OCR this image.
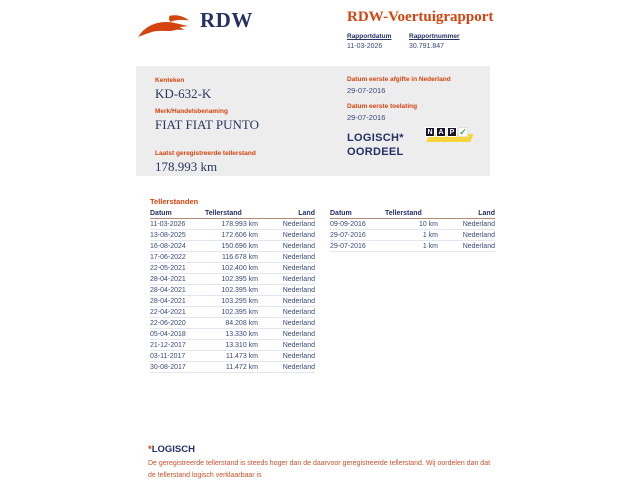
RDW	RDW-Voertuigrapport
Rapportdatum
11-03-2026
Rapportnummer
30.791.847
Kenteken
KD-632-K
Merk/Handelsbenaming
FIAT FIAT PUNTO
Laatst geregistreerde tellerstand
178.993 km
Datum eerste afgifte in Nederland
29-07-2016
Datum eerste toelating
29-07-2016
LOGISCH*
OORDEEL
N A P ✓
Tellerstanden
Datum	Tellerstand	Land
11-03-2026	178.993 km	Nederland
13-08-2025	172.606 km	Nederland
16-08-2024	150.696 km	Nederland
17-06-2022	116.678 km	Nederland
22-05-2021	102.400 km	Nederland
28-04-2021	102.395 km	Nederland
28-04-2021	102.395 km	Nederland
28-04-2021	103.295 km	Nederland
22-04-2021	102.395 km	Nederland
22-06-2020	84.208 km	Nederland
05-04-2018	13.330 km	Nederland
21-12-2017	13.310 km	Nederland
03-11-2017	11.473 km	Nederland
30-08-2017	11.472 km	Nederland
Datum	Tellerstand	Land
09-09-2016	10 km	Nederland
29-07-2016	1 km	Nederland
29-07-2016	1 km	Nederland
*LOGISCH
De geregistreerde tellerstand is steeds hoger dan de daarvoor geregistreerde tellerstand. Wij oordelen dan dat de tellerstand logisch verklaarbaar is
